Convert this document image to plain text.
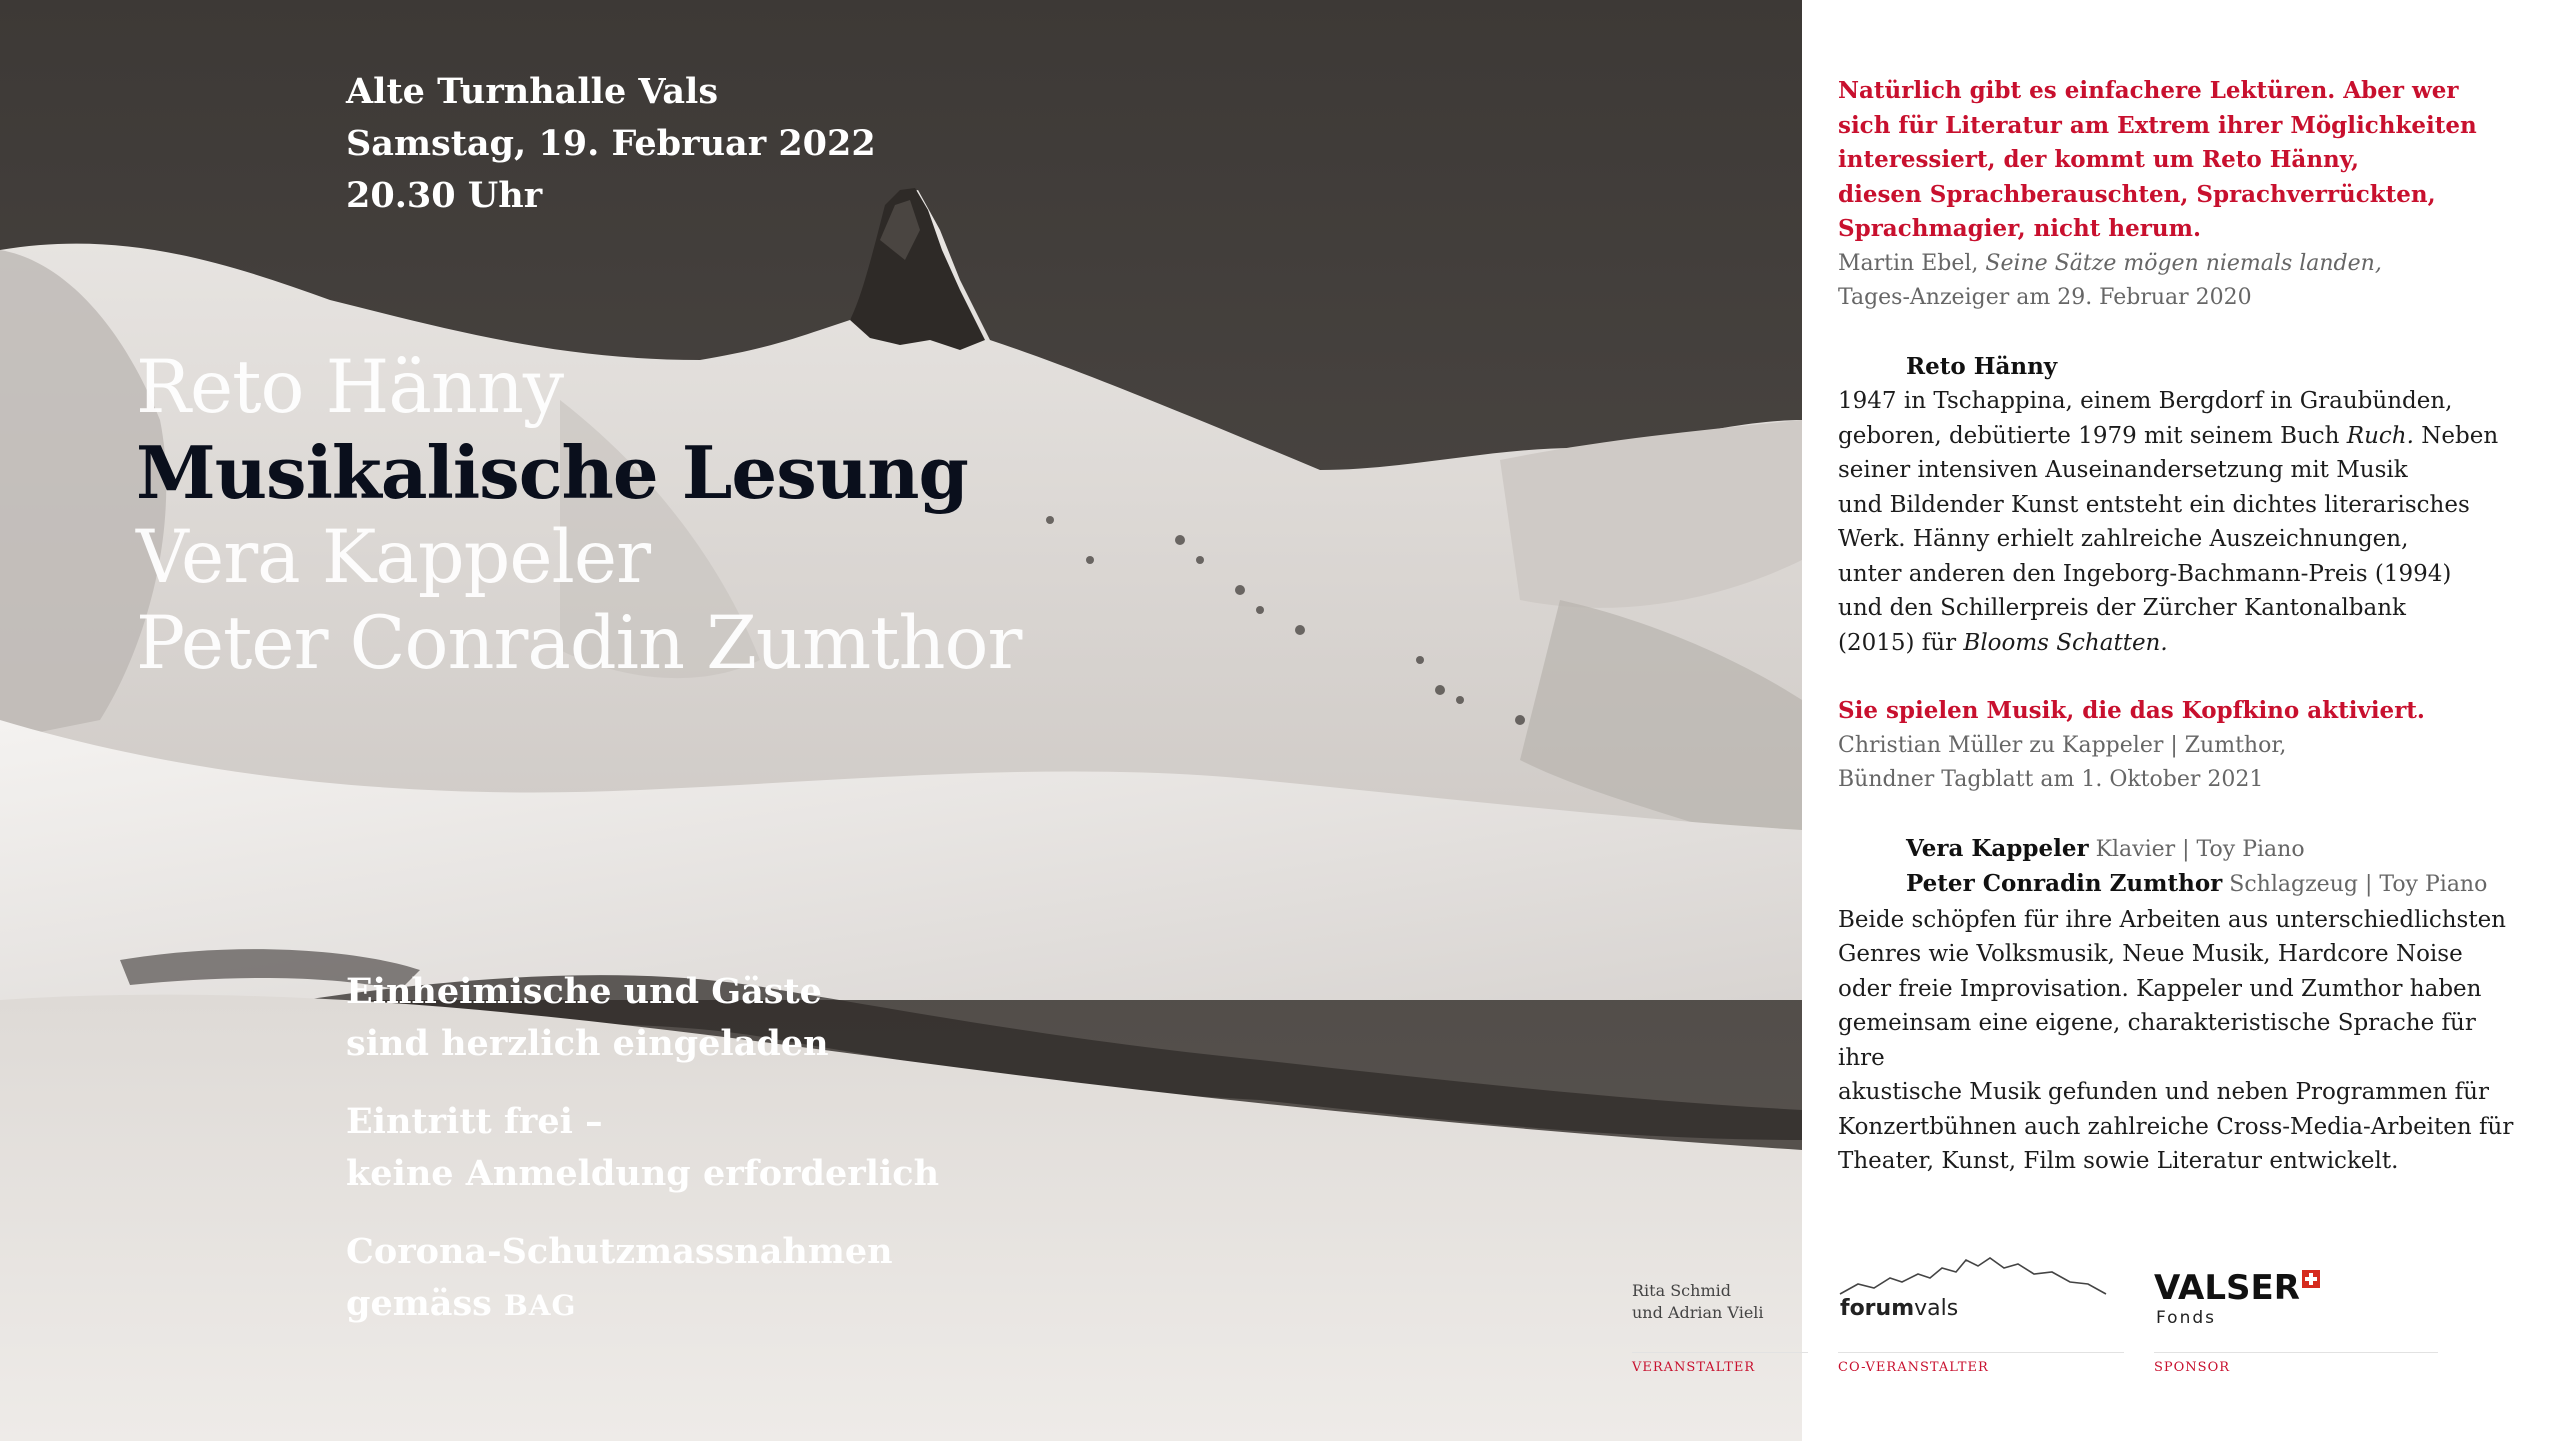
Alte Turnhalle Vals
Samstag, 19. Februar 2022
20.30 Uhr
Reto Hänny
Musikalische Lesung
Vera Kappeler
Peter Conradin Zumthor
Einheimische und Gäste
sind herzlich eingeladen
Eintritt frei –
keine Anmeldung erforderlich
Corona-Schutzmassnahmen
gemäss BAG

Natürlich gibt es einfachere Lektüren. Aber wer

sich für Literatur am Extrem ihrer Möglichkeiten

interessiert, der kommt um Reto Hänny,

diesen Sprachberauschten, Sprachverrückten,

Sprachmagier, nicht herum.

Martin Ebel, Seine Sätze mögen niemals landen,

Tages-Anzeiger am 29. Februar 2020

Reto Hänny

1947 in Tschappina, einem Bergdorf in Graubünden,

geboren, debütierte 1979 mit seinem Buch Ruch. Neben

seiner intensiven Auseinandersetzung mit Musik

und Bildender Kunst entsteht ein dichtes literarisches

Werk. Hänny erhielt zahlreiche Auszeichnungen,

unter anderen den Ingeborg-Bachmann-Preis (1994)

und den Schillerpreis der Zürcher Kantonalbank

(2015) für Blooms Schatten.

Sie spielen Musik, die das Kopfkino aktiviert.

Christian Müller zu Kappeler | Zumthor,

Bündner Tagblatt am 1. Oktober 2021

Vera Kappeler Klavier | Toy Piano

Peter Conradin Zumthor Schlagzeug | Toy Piano

Beide schöpfen für ihre Arbeiten aus unterschiedlichsten

Genres wie Volksmusik, Neue Musik, Hardcore Noise

oder freie Improvisation. Kappeler und Zumthor haben

gemeinsam eine eigene, charakteristische Sprache für ihre

akustische Musik gefunden und neben Programmen für

Konzertbühnen auch zahlreiche Cross-Media-Arbeiten für

Theater, Kunst, Film sowie Literatur entwickelt.

Rita Schmid
und Adrian Vieli
VERANSTALTER
forumvals
CO-VERANSTALTER
VALSER
Fonds
SPONSOR
